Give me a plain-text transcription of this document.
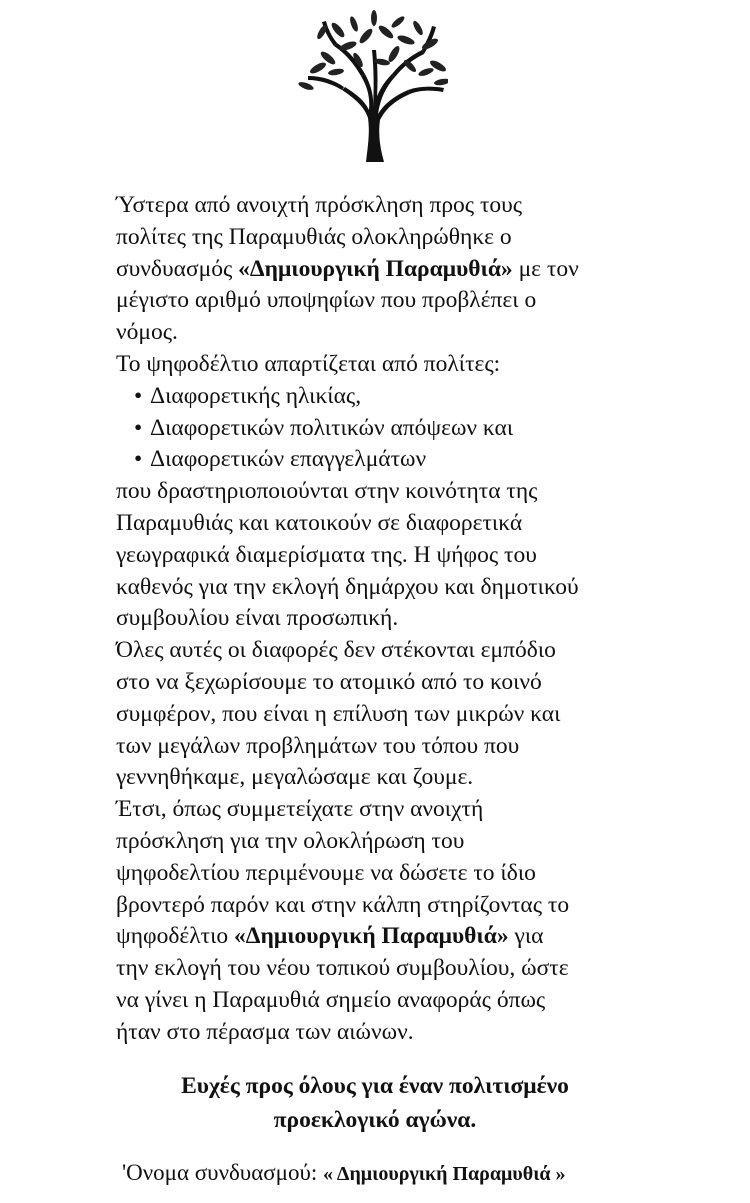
Ύστερα από ανοιχτή πρόσκληση προς τους

πολίτες της Παραμυθιάς ολοκληρώθηκε ο

συνδυασμός «Δημιουργική Παραμυθιά» με τον

μέγιστο αριθμό υποψηφίων που προβλέπει ο

νόμος.

Το ψηφοδέλτιο απαρτίζεται από πολίτες:

• Διαφορετικής ηλικίας,
• Διαφορετικών πολιτικών απόψεων και
• Διαφορετικών επαγγελμάτων

που δραστηριοποιούνται στην κοινότητα της

Παραμυθιάς και κατοικούν σε διαφορετικά

γεωγραφικά διαμερίσματα της. Η ψήφος του

καθενός για την εκλογή δημάρχου και δημοτικού

συμβουλίου είναι προσωπική.

Όλες αυτές οι διαφορές δεν στέκονται εμπόδιο

στο να ξεχωρίσουμε το ατομικό από το κοινό

συμφέρον, που είναι η επίλυση των μικρών και

των μεγάλων προβλημάτων του τόπου που

γεννηθήκαμε, μεγαλώσαμε και ζουμε.

Έτσι, όπως συμμετείχατε στην ανοιχτή

πρόσκληση για την ολοκλήρωση του

ψηφοδελτίου περιμένουμε να δώσετε το ίδιο

βροντερό παρόν και στην κάλπη στηρίζοντας το

ψηφοδέλτιο «Δημιουργική Παραμυθιά» για

την εκλογή του νέου τοπικού συμβουλίου, ώστε

να γίνει η Παραμυθιά σημείο αναφοράς όπως

ήταν στο πέρασμα των αιώνων.

Ευχές προς όλους για έναν πολιτισμένο
προεκλογικό αγώνα.
'Ονομα συνδυασμού: « Δημιουργική Παραμυθιά »
